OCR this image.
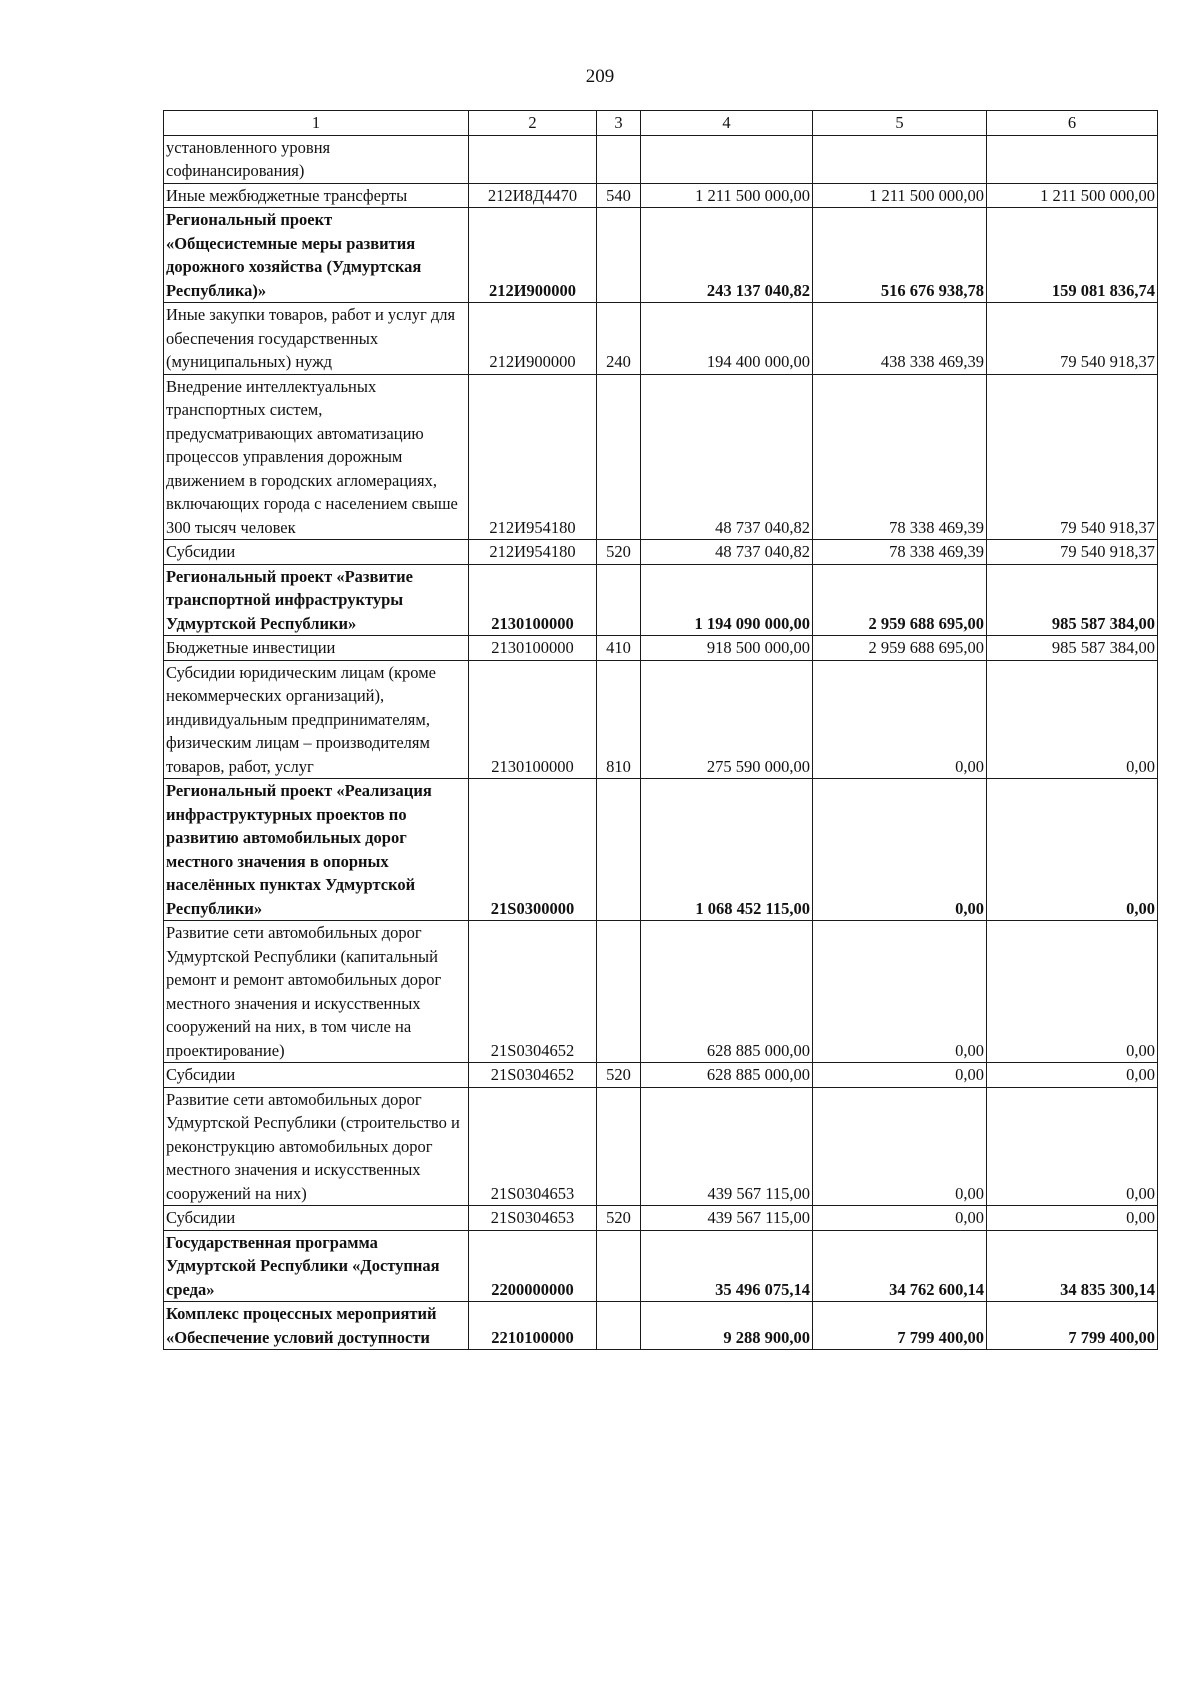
209
1	2	3	4	5	6
установленного уровня софинансирования)					
Иные межбюджетные трансферты	212И8Д4470	540	1 211 500 000,00	1 211 500 000,00	1 211 500 000,00
Региональный проект «Общесистемные меры развития дорожного хозяйства (Удмуртская Республика)»	212И900000		243 137 040,82	516 676 938,78	159 081 836,74
Иные закупки товаров, работ и услуг для обеспечения государственных (муниципальных) нужд	212И900000	240	194 400 000,00	438 338 469,39	79 540 918,37
Внедрение интеллектуальных транспортных систем, предусматривающих автоматизацию процессов управления дорожным движением в городских агломерациях, включающих города с населением свыше 300 тысяч человек	212И954180		48 737 040,82	78 338 469,39	79 540 918,37
Субсидии	212И954180	520	48 737 040,82	78 338 469,39	79 540 918,37
Региональный проект «Развитие транспортной инфраструктуры Удмуртской Республики»	2130100000		1 194 090 000,00	2 959 688 695,00	985 587 384,00
Бюджетные инвестиции	2130100000	410	918 500 000,00	2 959 688 695,00	985 587 384,00
Субсидии юридическим лицам (кроме некоммерческих организаций), индивидуальным предпринимателям, физическим лицам – производителям товаров, работ, услуг	2130100000	810	275 590 000,00	0,00	0,00
Региональный проект «Реализация инфраструктурных проектов по развитию автомобильных дорог местного значения в опорных населённых пунктах Удмуртской Республики»	21S0300000		1 068 452 115,00	0,00	0,00
Развитие сети автомобильных дорог Удмуртской Республики (капитальный ремонт и ремонт автомобильных дорог местного значения и искусственных сооружений на них, в том числе на проектирование)	21S0304652		628 885 000,00	0,00	0,00
Субсидии	21S0304652	520	628 885 000,00	0,00	0,00
Развитие сети автомобильных дорог Удмуртской Республики (строительство и реконструкцию автомобильных дорог местного значения и искусственных сооружений на них)	21S0304653		439 567 115,00	0,00	0,00
Субсидии	21S0304653	520	439 567 115,00	0,00	0,00
Государственная программа Удмуртской Республики «Доступная среда»	2200000000		35 496 075,14	34 762 600,14	34 835 300,14
Комплекс процессных мероприятий «Обеспечение условий доступности	2210100000		9 288 900,00	7 799 400,00	7 799 400,00
